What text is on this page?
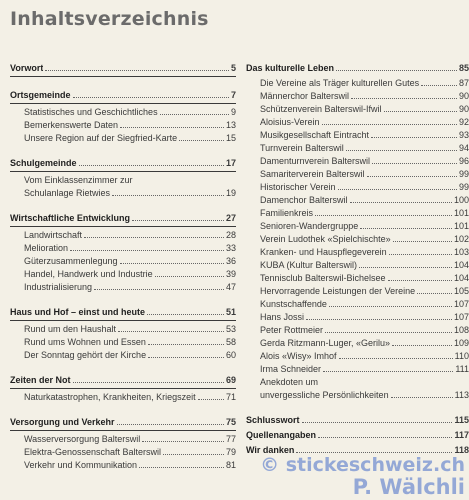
Inhaltsverzeichnis
Vorwort	5
Ortsgemeinde	7
Statistisches und Geschichtliches	9
Bemerkenswerte Daten	13
Unsere Region auf der Siegfried-Karte	15
Schulgemeinde	17
Vom Einklassenzimmer zur
Schulanlage Rietwies	19
Wirtschaftliche Entwicklung	27
Landwirtschaft	28
Melioration	33
Güterzusammenlegung	36
Handel, Handwerk und Industrie	39
Industrialisierung	47
Haus und Hof – einst und heute	51
Rund um den Haushalt	53
Rund ums Wohnen und Essen	58
Der Sonntag gehört der Kirche	60
Zeiten der Not	69
Naturkatastrophen, Krankheiten, Kriegszeit	71
Versorgung und Verkehr	75
Wasserversorgung Balterswil	77
Elektra-Genossenschaft Balterswil	79
Verkehr und Kommunikation	81
Das kulturelle Leben	85
Die Vereine als Träger kulturellen Gutes	87
Männerchor Balterswil	90
Schützenverein Balterswil-Ifwil	90
Aloisius-Verein	92
Musikgesellschaft Eintracht	93
Turnverein Balterswil	94
Damenturnverein Balterswil	96
Samariterverein Balterswil	99
Historischer Verein	99
Damenchor Balterswil	100
Familienkreis	101
Senioren-Wandergruppe	101
Verein Ludothek «Spielchischte»	102
Kranken- und Hauspflegeverein	103
KUBA (Kultur Balterswil)	104
Tennisclub Balterswil-Bichelsee	104
Hervorragende Leistungen der Vereine	105
Kunstschaffende	107
Hans Jossi	107
Peter Rottmeier	108
Gerda Ritzmann-Luger, «Gerilu»	109
Alois «Wisy» Imhof	110
Irma Schneider	111
Anekdoten um
unvergessliche Persönlichkeiten	113
Schlusswort	115
Quellenangaben	117
Wir danken	118
© stickeschweiz.ch
P. Wälchli
